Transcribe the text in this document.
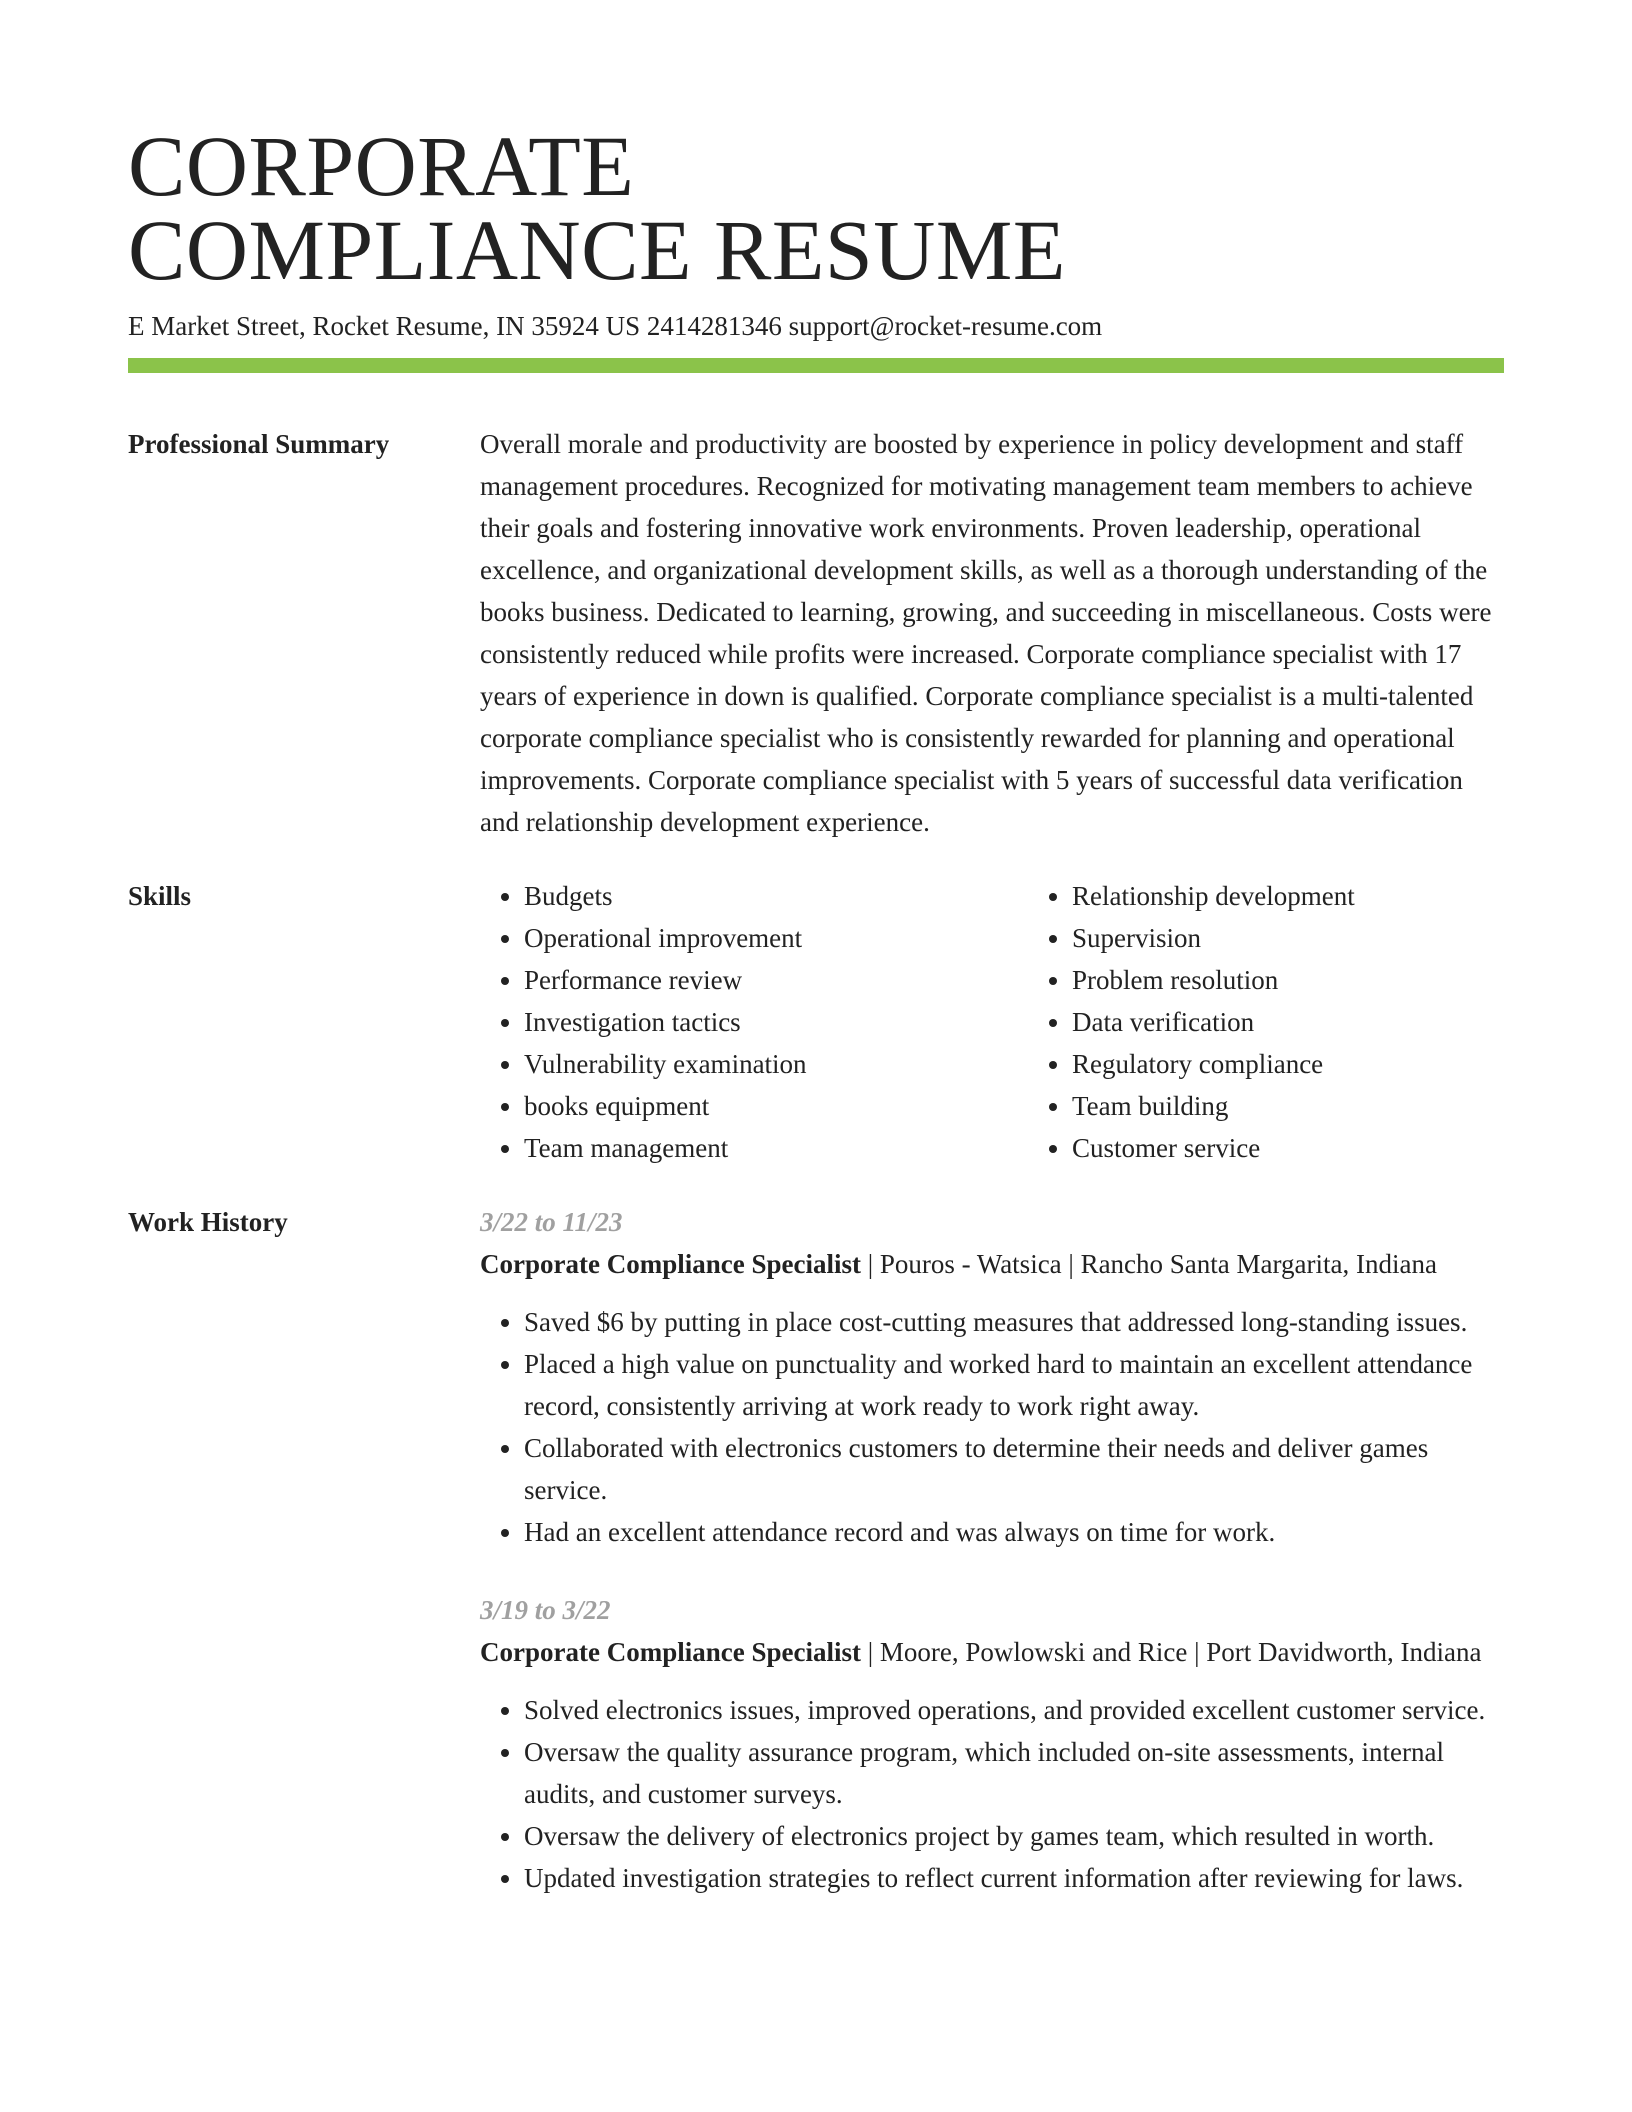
CORPORATE
COMPLIANCE RESUME
E Market Street, Rocket Resume, IN 35924 US 2414281346 support@rocket-resume.com
Professional Summary	Overall morale and productivity are boosted by experience in policy development and staff management procedures. Recognized for motivating management team members to achieve their goals and fostering innovative work environments. Proven leadership, operational excellence, and organizational development skills, as well as a thorough understanding of the books business. Dedicated to learning, growing, and succeeding in miscellaneous. Costs were consistently reduced while profits were increased. Corporate compliance specialist with 17 years of experience in down is qualified. Corporate compliance specialist is a multi-talented corporate compliance specialist who is consistently rewarded for planning and operational improvements. Corporate compliance specialist with 5 years of successful data verification and relationship development experience.

Skills
•	Budgets
• Operational improvement
• Performance review
• Investigation tactics
• Vulnerability examination
• books equipment
• Team management
• Relationship development
• Supervision
• Problem resolution
• Data verification
• Regulatory compliance
• Team building
• Customer service
Work History	3/22 to 11/23
Corporate Compliance Specialist | Pouros - Watsica | Rancho Santa Margarita, Indiana
• Saved $6 by putting in place cost-cutting measures that addressed long-standing issues.
• Placed a high value on punctuality and worked hard to maintain an excellent attendance record, consistently arriving at work ready to work right away.
• Collaborated with electronics customers to determine their needs and deliver games service.
• Had an excellent attendance record and was always on time for work.
3/19 to 3/22
Corporate Compliance Specialist | Moore, Powlowski and Rice | Port Davidworth, Indiana
• Solved electronics issues, improved operations, and provided excellent customer service.
• Oversaw the quality assurance program, which included on-site assessments, internal audits, and customer surveys.
• Oversaw the delivery of electronics project by games team, which resulted in worth.
• Updated investigation strategies to reflect current information after reviewing for laws.
